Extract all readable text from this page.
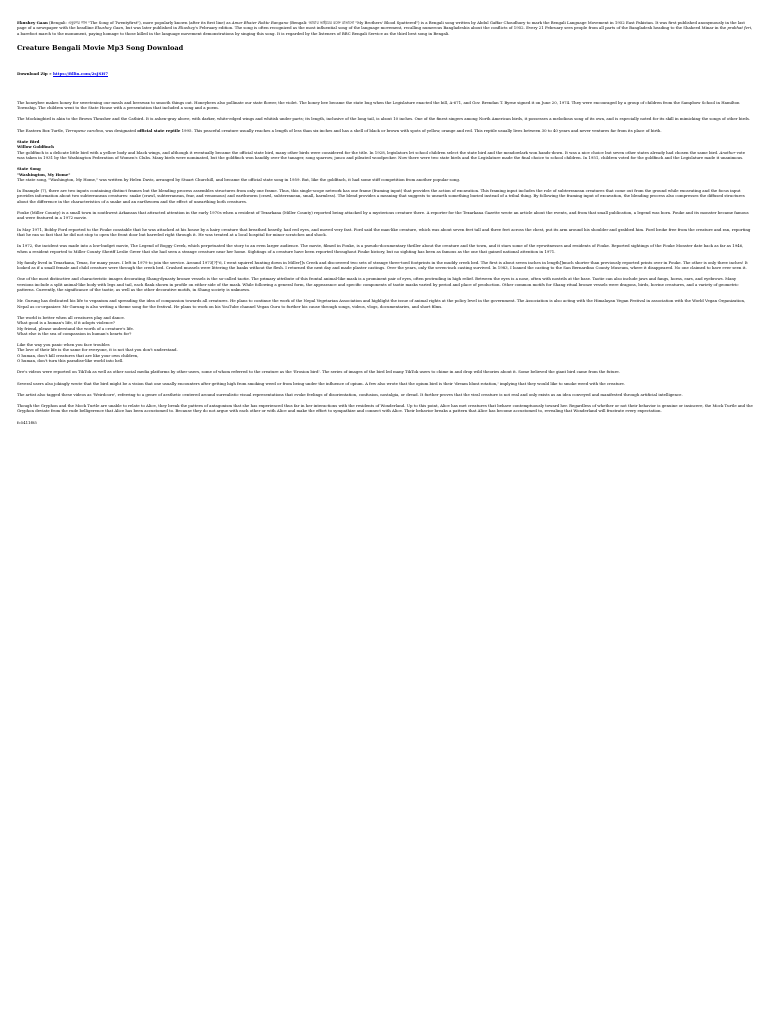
Ekushey Gaan (Bengali: একুশের গান "The Song of Twentyfirst"), more popularly known (after its first line) as Amar Bhaier Rokte Rangano (Bengali: আমার ভাইয়ের রক্তে রাঙানো "My Brothers' Blood Spattered") is a Bengali song written by Abdul Gaffar Choudhury to mark the Bengali Language Movement in 1952 East Pakistan. It was first published anonymously in the last page of a newspaper with the headline Ekushey Gaan, but was later published in Ekushey's February edition. The song is often recognized as the most influential song of the language movement, recalling numerous Bangladeshis about the conflicts of 1952. Every 21 February sees people from all parts of the Bangladesh heading to the Shaheed Minar in the prabhat feri, a barefoot march to the monument, paying homage to those killed in the language movement demonstrations by singing this song. It is regarded by the listeners of BBC Bengali Service as the third best song in Bengali.

Creature Bengali Movie Mp3 Song Download
Download Zip » https://fillin.com/2sJSH7

The honeybee makes honey for sweetening our meals and beeswax to smooth things out. Honeybees also pollinate our state flower, the violet. The honey bee became the state bug when the Legislature enacted the bill, A-671, and Gov. Brendan T. Byrne signed it on June 20, 1974. They were encouraged by a group of children from the Sampbow School in Hamilton Township. The children went to the State House with a presentation that included a song and a poem.

The Mockingbird is akin to the Brown Thrasher and the Catbird. It is ashen-gray above, with darker, white-edged wings and whitish under parts; its length, inclusive of the long tail, is about 10 inches. One of the finest singers among North American birds, it possesses a melodious song of its own, and is especially noted for its skill in mimicking the songs of other birds.

The Eastern Box Turtle, Terrapene carolina, was designated official state reptile 1995. This peaceful creature usually reaches a length of less than six inches and has a shell of black or brown with spots of yellow, orange and red. This reptile usually lives between 30 to 40 years and never ventures far from its place of birth.

State Bird
Willow Goldfinch
The goldfinch is a delicate little bird with a yellow body and black wings, and although it eventually became the official state bird, many other birds were considered for the title. In 1928, legislators let school children select the state bird and the meadowlark won hands-down. It was a nice choice but seven other states already had chosen the same bird. Another vote was taken in 1931 by the Washington Federation of Women's Clubs. Many birds were nominated, but the goldfinch won handily over the tanager, song sparrow, junco and pileated woodpecker. Now there were two state birds and the Legislature made the final choice to school children. In 1951, children voted for the goldfinch and the Legislature made it unanimous.
State Song
"Washington, My Home"
The state song, "Washington, My Home," was written by Helen Davis, arranged by Stuart Churchill, and became the official state song in 1959. But, like the goldfinch, it had some stiff competition from another popular song.

In Example (7), there are two inputs containing distinct frames but the blending process assembles structures from only one frame. Thus, this single-scope network has one frame (framing input) that provides the action of excavation. This framing input includes the role of subterranean creatures that come out from the ground while excavating and the focus input provides information about two subterranean creatures: snake (crawl, subterranean, fear, and venomous) and earthworm (crawl, subterranean, small, harmless). The blend provides a meaning that suggests to unearth something buried instead of a tribal thing. By following the framing input of excavation, the blending process also compresses the diffused structures about the difference in the characteristics of a snake and an earthworm and the effect of unearthing both creatures.

Fouke (Miller County) is a small town in southwest Arkansas that attracted attention in the early 1970s when a resident of Texarkana (Miller County) reported being attacked by a mysterious creature there. A reporter for the Texarkana Gazette wrote an article about the events, and from that small publication, a legend was born. Fouke and its monster became famous and were featured in a 1972 movie.

In May 1971, Bobby Ford reported to the Fouke constable that he was attacked at his house by a hairy creature that breathed heavily, had red eyes, and moved very fast. Ford said the man-like creature, which was about seven feet tall and three feet across the chest, put its arm around his shoulder and grabbed him. Ford broke free from the creature and ran, reporting that he ran so fast that he did not stop to open the front door but barreled right through it. He was treated at a local hospital for minor scratches and shock.

In 1972, the incident was made into a low-budget movie, The Legend of Boggy Creek, which perpetuated the story to an even larger audience. The movie, filmed in Fouke, is a pseudo-documentary thriller about the creature and the town, and it stars some of the eyewitnesses and residents of Fouke. Reported sightings of the Fouke Monster date back as far as 1946, when a resident reported to Miller County Sheriff Leslie Greer that she had seen a strange creature near her home. Sightings of a creature have been reported throughout Fouke history, but no sighting has been as famous as the one that gained national attention in 1971.

My family lived in Texarkana, Texas, for many years. I left in 1979 to join the service. Around 1973[?]"6, I went squirrel hunting down in Miller[]s Creek and discovered two sets of strange three-toed footprints in the muddy creek bed. The first is about seven inches in length[]much shorter than previously reported prints over in Fouke. The other is only three inches! It looked as if a small female and child creature were through the creek bed. Crushed mussels were littering the banks without the flesh. I returned the next day and made plaster castings. Over the years, only the seven-inch casting survived. In 1983, I loaned the casting to the San Bernardino County Museum, where it disappeared. No one claimed to have ever seen it.

One of the most distinctive and characteristic images decorating Shang-dynasty bronze vessels is the so-called taotie. The primary attribute of this frontal animal-like mask is a prominent pair of eyes, often protruding in high relief. Between the eyes is a nose, often with nostrils at the base. Taotie can also include jaws and fangs, horns, ears, and eyebrows. Many versions include a split animal-like body with legs and tail, each flank shown in profile on either side of the mask. While following a general form, the appearance and specific components of taotie masks varied by period and place of production. Other common motifs for Shang ritual bronze vessels were dragons, birds, bovine creatures, and a variety of geometric patterns. Currently, the significance of the taotie, as well as the other decorative motifs, in Shang society is unknown.

Mr. Gurung has dedicated his life to veganism and spreading the idea of compassion towards all creatures. He plans to continue the work of the Nepal Vegetarian Association and highlight the issue of animal rights at the policy level in the government. The Association is also acting with the Himalayan Vegan Festival in association with the World Vegan Organization, Nepal as co-organizer. Mr Gurung is also writing a theme song for the festival. He plans to work on his YouTube channel Vegan Guru to further his cause through songs, videos, vlogs, documentaries, and short films.

The world is better when all creatures play and dance.
What good is a human's life, if it adopts violence?
My friend, please understand the worth of a creature's life.
What else is the sea of compassion in human's hearts for?
Like the way you panic when you face troubles
The love of their life is the same for everyone, it is not that you don't understand.
O human, don't kill creatures that are like your own children,
O human, don't turn this paradise-like world into hell.

Dre's videos were reported on TikTok as well as other social media platforms by other users, some of whom referred to the creature as the 'Erosion bird'. The series of images of the bird led many TikTok users to chime in and drop wild theories about it. Some believed the giant bird came from the future.

Several users also jokingly wrote that the bird might be a vision that one usually encounters after getting high from smoking weed or from being under the influence of opium. A few also wrote that the opium bird is their 'dream blunt rotation,' implying that they would like to smoke weed with the creature.

The artist also tagged these videos as 'Weirdcore', referring to a genre of aesthetic centered around surrealistic visual representations that evoke feelings of disorientation, confusion, nostalgia, or dread. It further proves that the viral creature is not real and only exists as an idea conveyed and manifested through artificial intelligence.

Though the Gryphon and the Mock Turtle are unable to relate to Alice, they break the pattern of antagonism that she has experienced thus far in her interactions with the residents of Wonderland. Up to this point, Alice has met creatures that behave contemptuously toward her. Regardless of whether or not their behavior is genuine or insincere, the Mock Turtle and the Gryphon deviate from the rude belligerence that Alice has been accustomed to. Because they do not argue with each other or with Alice and make the effort to sympathize and connect with Alice. Their behavior breaks a pattern that Alice has become accustomed to, revealing that Wonderland will frustrate every expectation.

fc5411f85
